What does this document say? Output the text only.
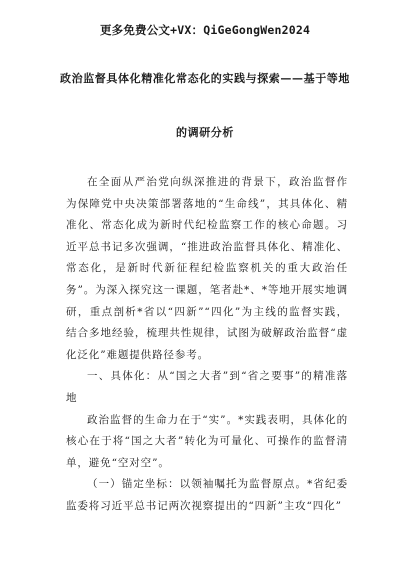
更多免费公文+VX：QiGeGongWen2024
政治监督具体化精准化常态化的实践与探索——基于等地
的调研分析

在全面从严治党向纵深推进的背景下，政治监督作为保障党中央决策部署落地的“生命线”，其具体化、精准化、常态化成为新时代纪检监察工作的核心命题。习近平总书记多次强调，“推进政治监督具体化、精准化、常态化，是新时代新征程纪检监察机关的重大政治任务”。为深入探究这一课题，笔者赴*、*等地开展实地调研，重点剖析*省以“四新”“四化”为主线的监督实践，结合多地经验，梳理共性规律，试图为破解政治监督“虚化泛化”难题提供路径参考。

一、具体化：从“国之大者”到“省之要事”的精准落地

政治监督的生命力在于“实”。*实践表明，具体化的核心在于将“国之大者”转化为可量化、可操作的监督清单，避免“空对空”。

（一）锚定坐标：以领袖嘱托为监督原点。*省纪委监委将习近平总书记两次视察提出的“四新”主攻“四化”
